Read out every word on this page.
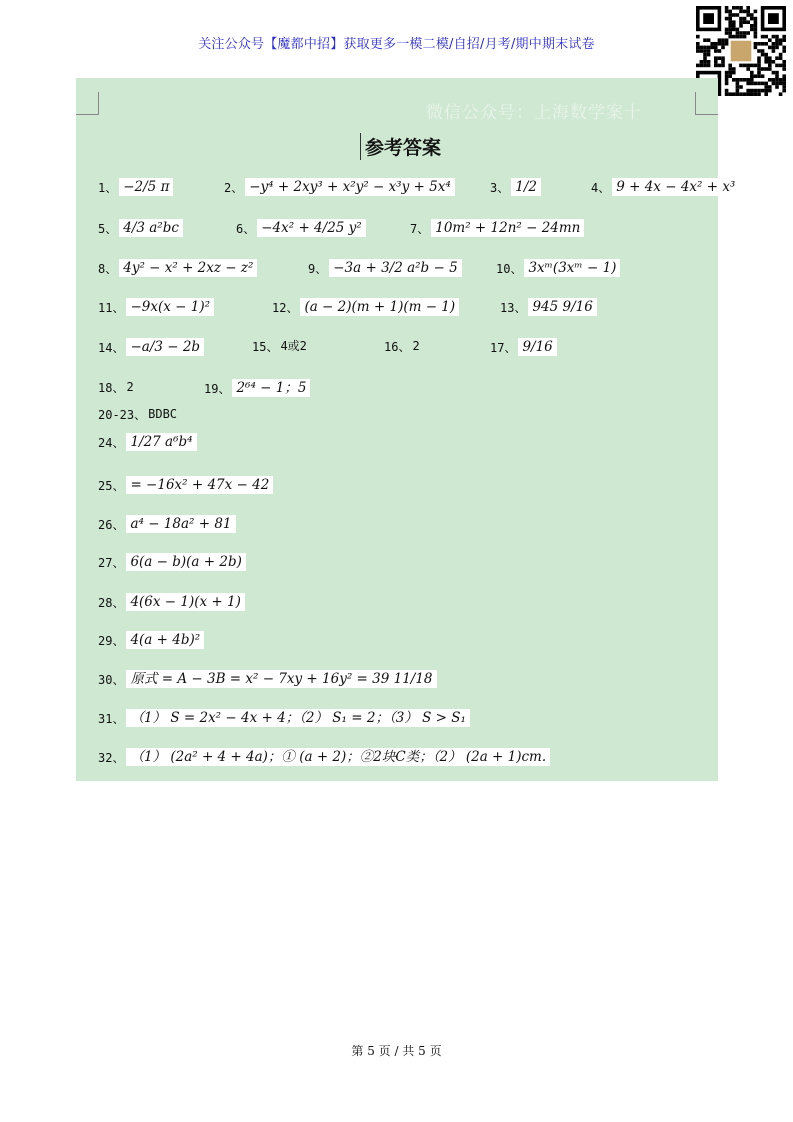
关注公众号【魔都中招】获取更多一模二模/自招/月考/期中期末试卷
微信公众号：上海数学案十
参考答案
1、 −2/5 π	2、 −y⁴ + 2xy³ + x²y² − x³y + 5x⁴	3、 1/2	4、 9 + 4x − 4x² + x³
5、 4/3 a²bc	6、 −4x² + 4/25 y²	7、 10m² + 12n² − 24mn
8、 4y² − x² + 2xz − z²	9、 −3a + 3/2 a²b − 5	10、 3xᵐ(3xᵐ − 1)
11、 −9x(x − 1)²	12、 (a − 2)(m + 1)(m − 1)	13、 945 9/16
14、 −a/3 − 2b	15、 4或2	16、 2	17、 9/16
18、 2	19、 2⁶⁴ − 1；5
20-23、 BDBC
24、 1/27 a⁶b⁴
25、 = −16x² + 47x − 42
26、 a⁴ − 18a² + 81
27、 6(a − b)(a + 2b)
28、 4(6x − 1)(x + 1)
29、 4(a + 4b)²
30、 原式 = A − 3B = x² − 7xy + 16y² = 39 11/18
31、 （1） S = 2x² − 4x + 4；（2） S₁ = 2；（3） S > S₁
32、 （1） (2a² + 4 + 4a)；① (a + 2)；②2块C类；（2） (2a + 1)cm.
第 5 页 / 共 5 页
